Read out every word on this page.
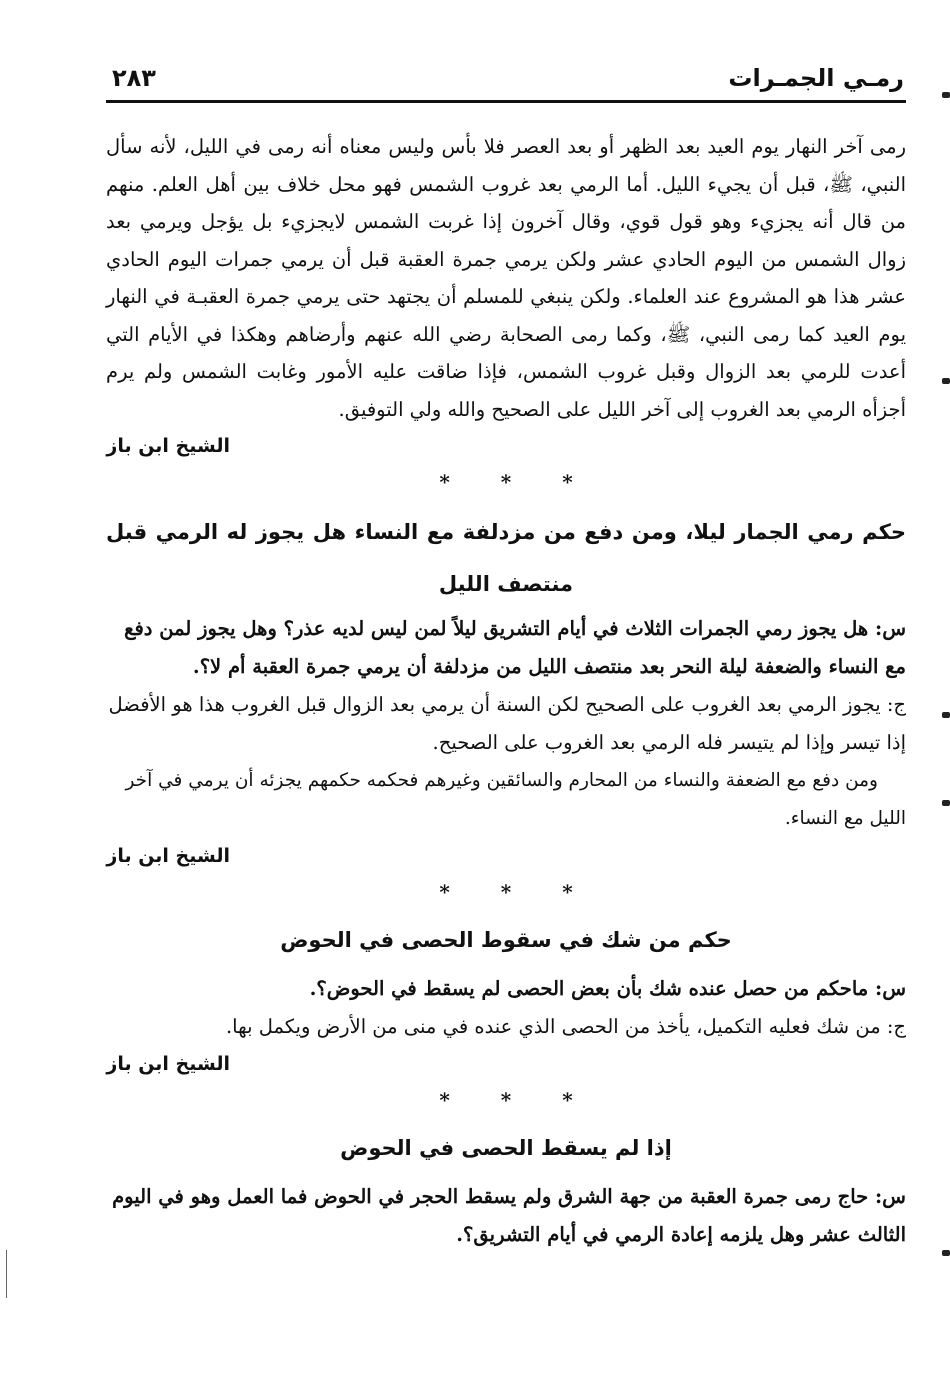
رمـي الجمـرات
٢٨٣

رمى آخر النهار يوم العيد بعد الظهر أو بعد العصر فلا بأس وليس معناه أنه رمى في الليل، لأنه سأل النبي، ﷺ، قبل أن يجيء الليل. أما الرمي بعد غروب الشمس فهو محل خلاف بين أهل العلم. منهم من قال أنه يجزيء وهو قول قوي، وقال آخرون إذا غربت الشمس لايجزيء بل يؤجل ويرمي بعد زوال الشمس من اليوم الحادي عشر ولكن يرمي جمرة العقبة قبل أن يرمي جمرات اليوم الحادي عشر هذا هو المشروع عند العلماء. ولكن ينبغي للمسلم أن يجتهد حتى يرمي جمرة العقبـة في النهار يوم العيد كما رمى النبي، ﷺ، وكما رمى الصحابة رضي الله عنهم وأرضاهم وهكذا في الأيام التي أعدت للرمي بعد الزوال وقبل غروب الشمس، فإذا ضاقت عليه الأمور وغابت الشمس ولم يرم أجزأه الرمي بعد الغروب إلى آخر الليل على الصحيح والله ولي التوفيق.

الشيخ ابن باز

* * *
حكم رمي الجمار ليلا، ومن دفع من مزدلفة مع النساء هل يجوز له الرمي قبل منتصف الليل

س: هل يجوز رمي الجمرات الثلاث في أيام التشريق ليلاً لمن ليس لديه عذر؟ وهل يجوز لمن دفع مع النساء والضعفة ليلة النحر بعد منتصف الليل من مزدلفة أن يرمي جمرة العقبة أم لا؟.

ج: يجوز الرمي بعد الغروب على الصحيح لكن السنة أن يرمي بعد الزوال قبل الغروب هذا هو الأفضل إذا تيسر وإذا لم يتيسر فله الرمي بعد الغروب على الصحيح.

ومن دفع مع الضعفة والنساء من المحارم والسائقين وغيرهم فحكمه حكمهم يجزئه أن يرمي في آخر الليل مع النساء.

الشيخ ابن باز

* * *
حكم من شك في سقوط الحصى في الحوض

س: ماحكم من حصل عنده شك بأن بعض الحصى لم يسقط في الحوض؟.

ج: من شك فعليه التكميل، يأخذ من الحصى الذي عنده في منى من الأرض ويكمل بها.

الشيخ ابن باز

* * *
إذا لم يسقط الحصى في الحوض

س: حاج رمى جمرة العقبة من جهة الشرق ولم يسقط الحجر في الحوض فما العمل وهو في اليوم الثالث عشر وهل يلزمه إعادة الرمي في أيام التشريق؟.
